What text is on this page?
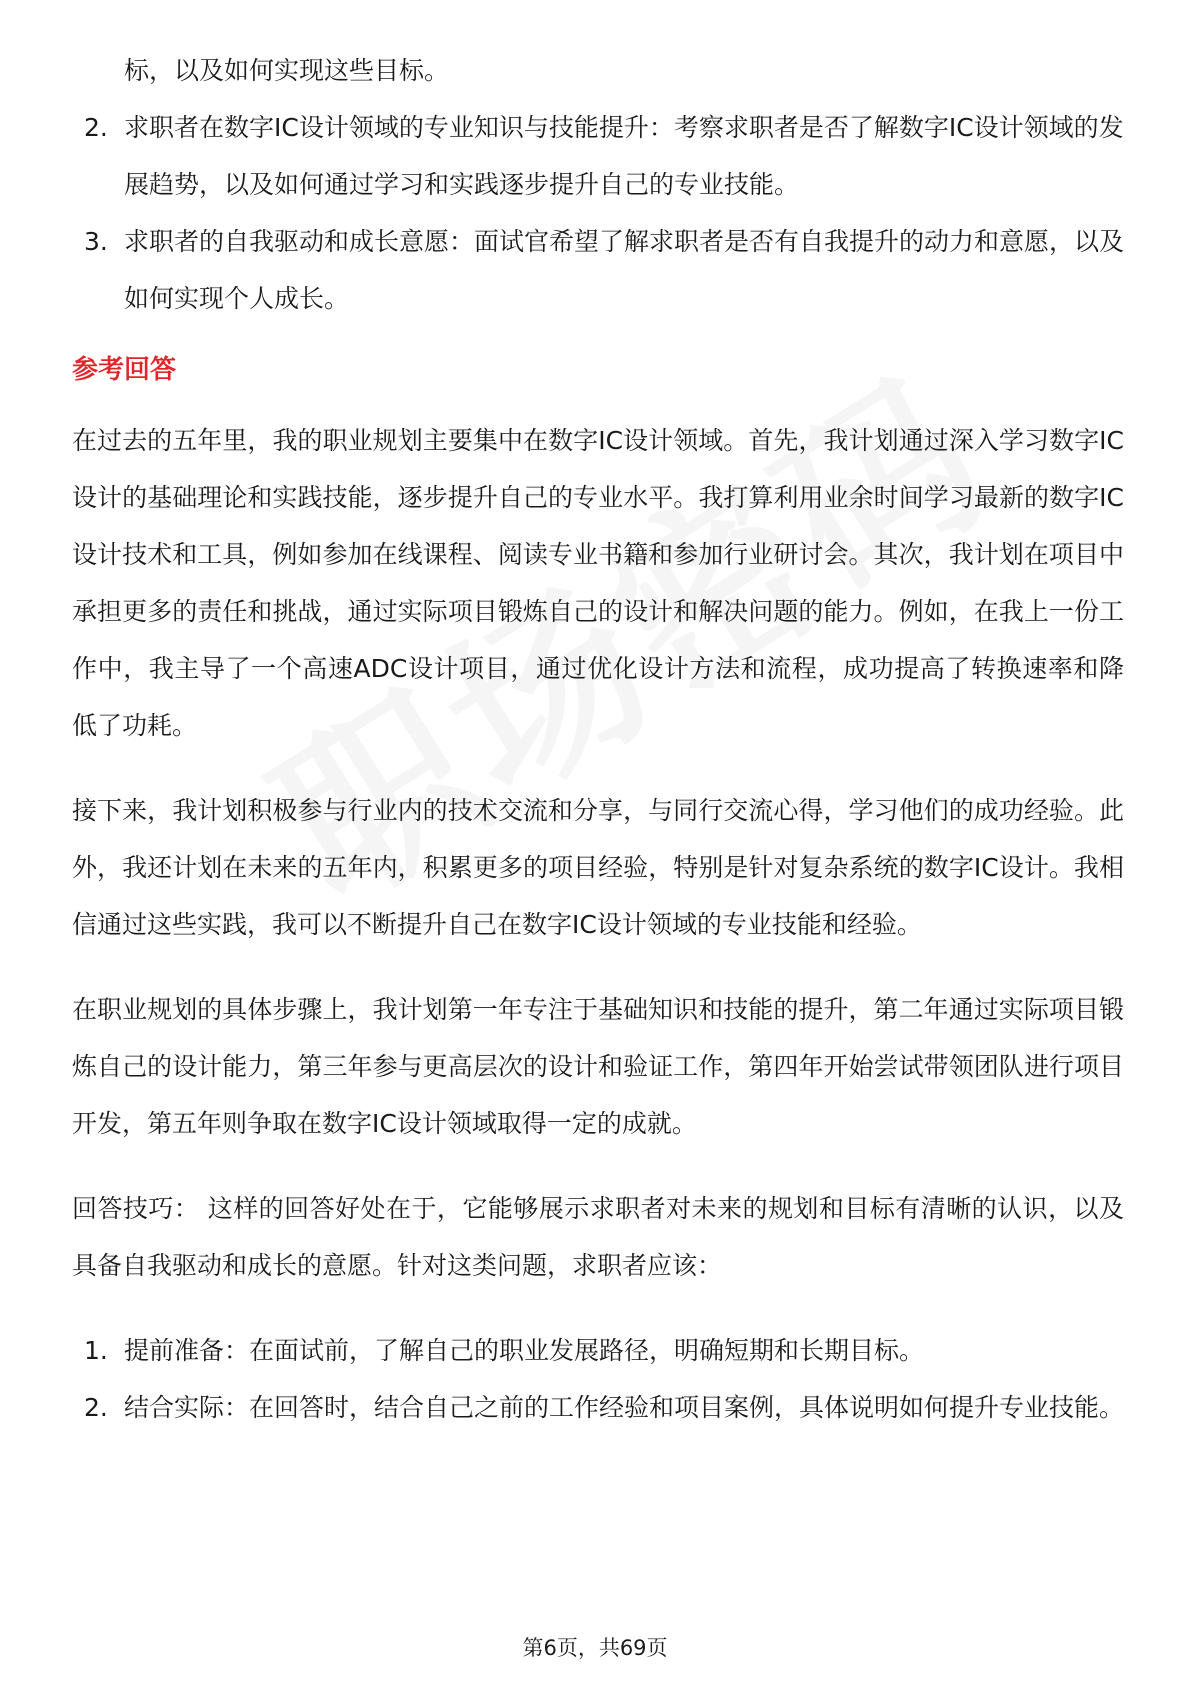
标，以及如何实现这些目标。

2. 求职者在数字IC设计领域的专业知识与技能提升：考察求职者是否了解数字IC设计领域的发展趋势，以及如何通过学习和实践逐步提升自己的专业技能。
3. 求职者的自我驱动和成长意愿：面试官希望了解求职者是否有自我提升的动力和意愿，以及如何实现个人成长。
参考回答

在过去的五年里，我的职业规划主要集中在数字IC设计领域。首先，我计划通过深入学习数字IC设计的基础理论和实践技能，逐步提升自己的专业水平。我打算利用业余时间学习最新的数字IC设计技术和工具，例如参加在线课程、阅读专业书籍和参加行业研讨会。其次，我计划在项目中承担更多的责任和挑战，通过实际项目锻炼自己的设计和解决问题的能力。例如，在我上一份工作中，我主导了一个高速ADC设计项目，通过优化设计方法和流程，成功提高了转换速率和降低了功耗。

接下来，我计划积极参与行业内的技术交流和分享，与同行交流心得，学习他们的成功经验。此外，我还计划在未来的五年内，积累更多的项目经验，特别是针对复杂系统的数字IC设计。我相信通过这些实践，我可以不断提升自己在数字IC设计领域的专业技能和经验。

在职业规划的具体步骤上，我计划第一年专注于基础知识和技能的提升，第二年通过实际项目锻炼自己的设计能力，第三年参与更高层次的设计和验证工作，第四年开始尝试带领团队进行项目开发，第五年则争取在数字IC设计领域取得一定的成就。

回答技巧： 这样的回答好处在于，它能够展示求职者对未来的规划和目标有清晰的认识，以及具备自我驱动和成长的意愿。针对这类问题，求职者应该：

1. 提前准备：在面试前，了解自己的职业发展路径，明确短期和长期目标。
2. 结合实际：在回答时，结合自己之前的工作经验和项目案例，具体说明如何提升专业技能。
第6页，共69页
